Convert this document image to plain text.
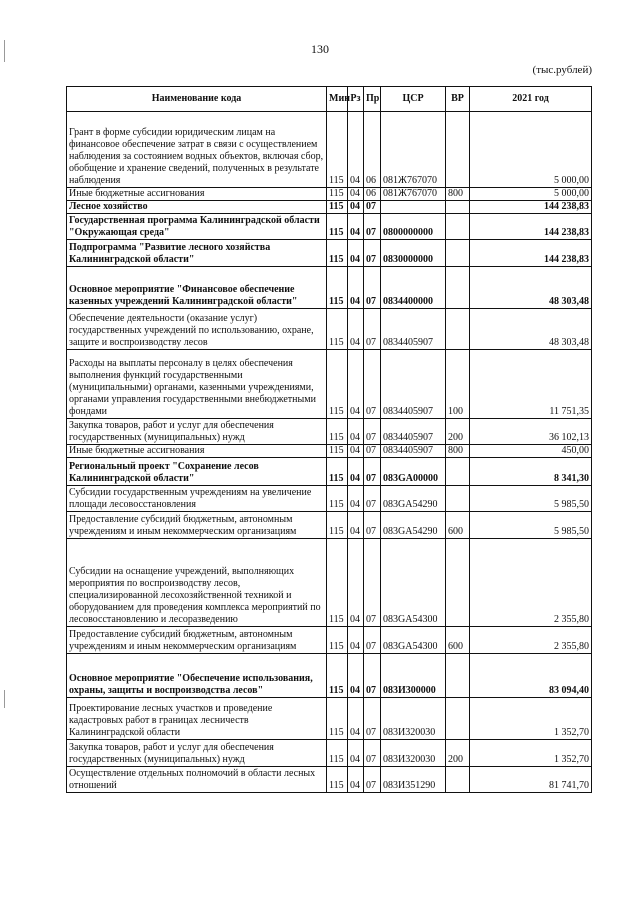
130
(тыс.рублей)
Наименование кода	Мин	Рз	Пр	ЦСР	ВР	2021 год
Грант в форме субсидии юридическим лицам на финансовое обеспечение затрат в связи с осуществлением наблюдения за состоянием водных объектов, включая сбор, обобщение и хранение сведений, полученных в результате наблюдения	115	04	06	081Ж767070		5 000,00
Иные бюджетные ассигнования	115	04	06	081Ж767070	800	5 000,00
Лесное хозяйство	115	04	07			144 238,83
Государственная программа Калининградской области "Окружающая среда"	115	04	07	0800000000		144 238,83
Подпрограмма "Развитие лесного хозяйства Калининградской области"	115	04	07	0830000000		144 238,83
Основное мероприятие "Финансовое обеспечение казенных учреждений Калининградской области"	115	04	07	0834400000		48 303,48
Обеспечение деятельности (оказание услуг) государственных учреждений по использованию, охране, защите и воспроизводству лесов	115	04	07	0834405907		48 303,48
Расходы на выплаты персоналу в целях обеспечения выполнения функций государственными (муниципальными) органами, казенными учреждениями, органами управления государственными внебюджетными фондами	115	04	07	0834405907	100	11 751,35
Закупка товаров, работ и услуг для обеспечения государственных (муниципальных) нужд	115	04	07	0834405907	200	36 102,13
Иные бюджетные ассигнования	115	04	07	0834405907	800	450,00
Региональный проект "Сохранение лесов Калининградской области"	115	04	07	083GA00000		8 341,30
Субсидии государственным учреждениям на увеличение площади лесовосстановления	115	04	07	083GA54290		5 985,50
Предоставление субсидий бюджетным, автономным учреждениям и иным некоммерческим организациям	115	04	07	083GA54290	600	5 985,50
Субсидии на оснащение учреждений, выполняющих мероприятия по воспроизводству лесов, специализированной лесохозяйственной техникой и оборудованием для проведения комплекса мероприятий по лесовосстановлению и лесоразведению	115	04	07	083GA54300		2 355,80
Предоставление субсидий бюджетным, автономным учреждениям и иным некоммерческим организациям	115	04	07	083GA54300	600	2 355,80
Основное мероприятие "Обеспечение использования, охраны, защиты и воспроизводства лесов"	115	04	07	083И300000		83 094,40
Проектирование лесных участков и проведение кадастровых работ в границах лесничеств Калининградской области	115	04	07	083И320030		1 352,70
Закупка товаров, работ и услуг для обеспечения государственных (муниципальных) нужд	115	04	07	083И320030	200	1 352,70
Осуществление отдельных полномочий в области лесных отношений	115	04	07	083И351290		81 741,70
